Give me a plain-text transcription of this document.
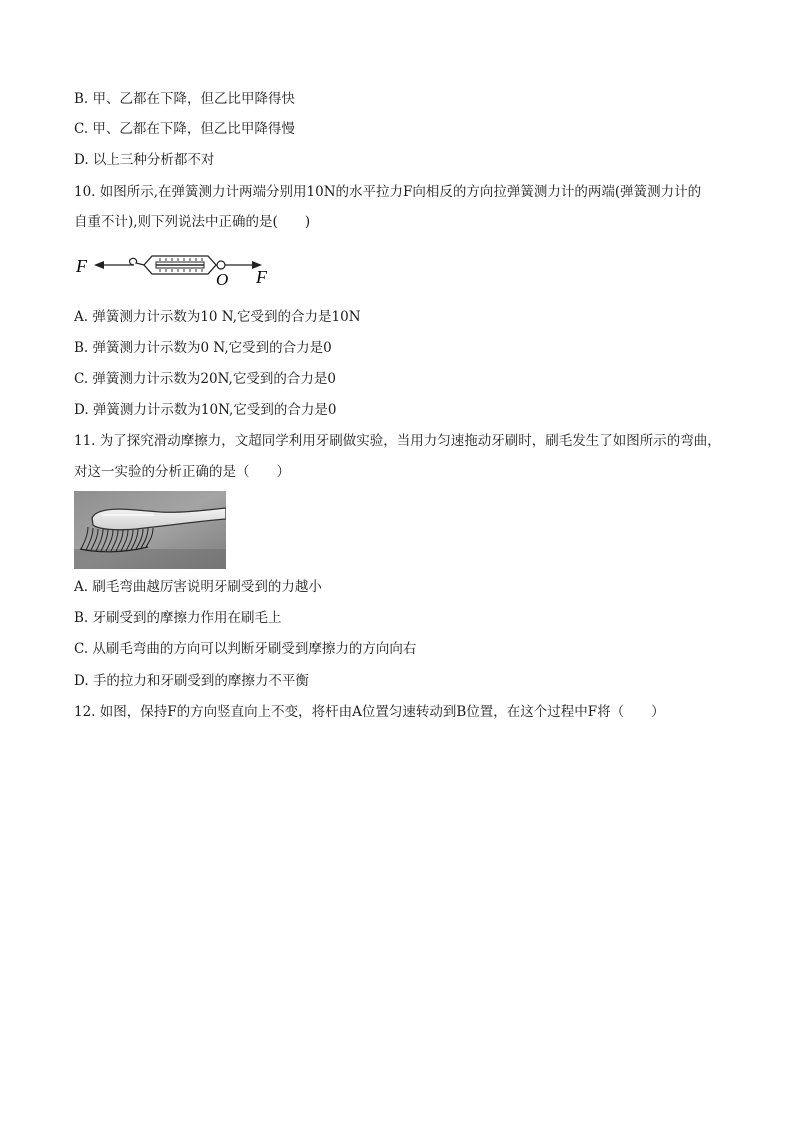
B. 甲、乙都在下降，但乙比甲降得快
C. 甲、乙都在下降，但乙比甲降得慢
D. 以上三种分析都不对
10. 如图所示,在弹簧测力计两端分别用10N的水平拉力F向相反的方向拉弹簧测力计的两端(弹簧测力计的
自重不计),则下列说法中正确的是(　　)
F
O F
A. 弹簧测力计示数为10 N,它受到的合力是10N
B. 弹簧测力计示数为0 N,它受到的合力是0
C. 弹簧测力计示数为20N,它受到的合力是0
D. 弹簧测力计示数为10N,它受到的合力是0
11. 为了探究滑动摩擦力，文超同学利用牙刷做实验，当用力匀速拖动牙刷时，刷毛发生了如图所示的弯曲，
对这一实验的分析正确的是（　　）
A. 刷毛弯曲越厉害说明牙刷受到的力越小
B. 牙刷受到的摩擦力作用在刷毛上
C. 从刷毛弯曲的方向可以判断牙刷受到摩擦力的方向向右
D. 手的拉力和牙刷受到的摩擦力不平衡
12. 如图，保持F的方向竖直向上不变，将杆由A位置匀速转动到B位置，在这个过程中F将（　　）
